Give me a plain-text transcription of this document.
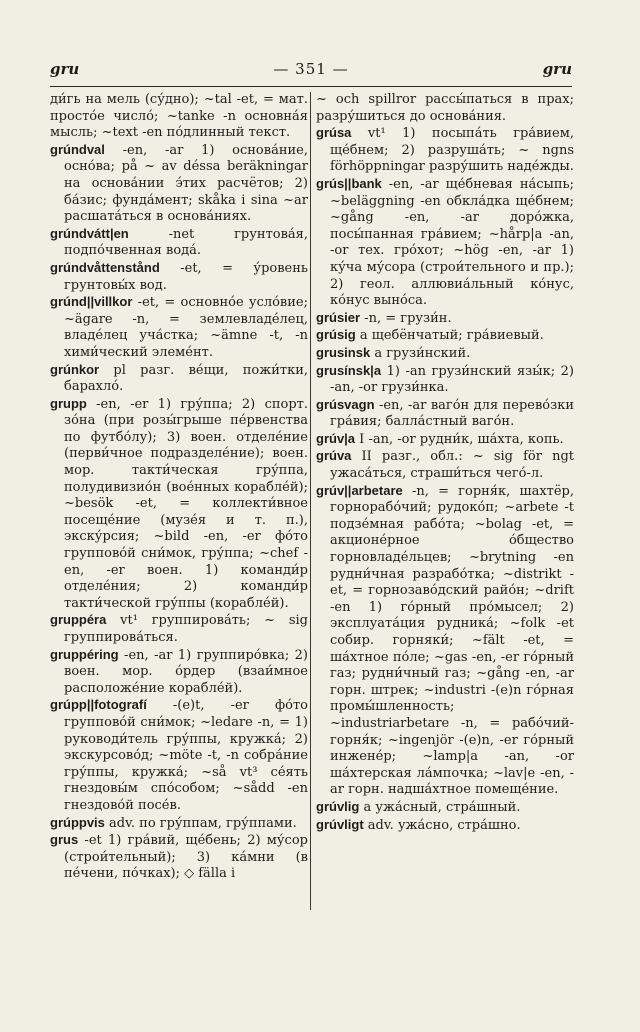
gru	— 351 —	gru

ди́гь на мель (су́дно); ~tal -et, = мат. просто́е число́; ~tanke -n основна́я мысль; ~text -en по́длинный текст.

grúndval -en, -ar 1) основа́ние, осно́ва; på ~ av déssa beräkningar на основа́нии э́тих расчётов; 2) ба́зис; фунда́мент; skåka i sina ~ar расшата́ться в основа́ниях.

grúndvátt|en -net грунтова́я, подпо́чвенная вода́.

grúndvåttenstånd -et, = у́ровень грунтовы́х вод.

grúnd||villkor -et, = основно́е усло́вие; ~ägare -n, = землевладе́лец, владе́лец уча́стка; ~ämne -t, -n хими́ческий элеме́нт.

grúnkor pl разг. ве́щи, пожи́тки, барахло́.

grupp -en, -er 1) гру́ппа; 2) спорт. зо́на (при розы́грыше пе́рвенства по футбо́лу); 3) воен. отделе́ние (перви́чное подразделе́ние); воен. мор. такти́ческая гру́ппа, полудивизио́н (вое́нных корабле́й); ~besök -et, = коллекти́вное посеще́ние (музе́я и т. п.), экску́рсия; ~bild -en, -er фо́то группово́й сни́мок, гру́ппа; ~chef -en, -er воен. 1) команди́р отделе́ния; 2) команди́р такти́ческой гру́ппы (корабле́й).

gruppéra vt¹ группирова́ть; ~ sig группирова́ться.

gruppéring -en, -ar 1) группиро́вка; 2) воен. мор. о́рдер (взаи́мное расположе́ние корабле́й).

grúpp||fotografí -(e)t, -er фо́то группово́й сни́мок; ~ledare -n, = 1) руководи́тель гру́ппы, кружка́; 2) экскурсово́д; ~möte -t, -n собра́ние гру́ппы, кружка́; ~så vt³ се́ять гнездовы́м спо́собом; ~sådd -en гнездово́й посе́в.

grúppvis adv. по гру́ппам, гру́ппами.

grus -et 1) гра́вий, ще́бень; 2) му́сор (строи́тельный); 3) ка́мни (в пе́чени, по́чках); ◇ fälla i

~ och spillror рассы́паться в прах; разру́шиться до основа́ния.

grúsa vt¹ 1) посыпа́ть гра́вием, ще́бнем; 2) разруша́ть; ~ ngns förhöppningar разру́шить наде́жды.

grús||bank -en, -ar ще́бневая на́сыпь; ~beläggning -en обкла́дка ще́бнем; ~gång -en, -ar доро́жка, посы́панная гра́вием; ~hårp|a -an, -or тех. гро́хот; ~hög -en, -ar 1) ку́ча му́сора (строи́тельного и пр.); 2) геол. аллювиа́льный ко́нус, ко́нус выно́са.

grúsier -n, = грузи́н.

grúsig a щебёнчатый; гра́виевый.

grusinsk a грузи́нский.

grusínsk|a 1) -an грузи́нский язы́к; 2) -an, -or грузи́нка.

grúsvagn -en, -ar ваго́н для перево́зки гра́вия; балла́стный ваго́н.

grúv|a I -an, -or рудни́к, ша́хта, копь.

grúva II разг., обл.: ~ sig för ngt ужаса́ться, страши́ться чего́-л.

grúv||arbetare -n, = горня́к, шахтёр, горнорабо́чий; рудоко́п; ~arbete -t подзе́мная рабо́та; ~bolag -et, = акционе́рное о́бщество горновладе́льцев; ~brytning -en рудни́чная разрабо́тка; ~distrikt -et, = горнозаво́дский райо́н; ~drift -en 1) го́рный про́мысел; 2) эксплуата́ция рудника́; ~folk -et собир. горняки́; ~fält -et, = ша́хтное по́ле; ~gas -en, -er го́рный газ; рудни́чный газ; ~gång -en, -ar горн. штрек; ~industri -(e)n го́рная промы́шленность; ~industriarbetare -n, = рабо́чий-горня́к; ~ingenjör -(e)n, -er го́рный инжене́р; ~lamp|a -an, -or ша́хтерская ла́мпочка; ~lav|e -en, -ar горн. надша́хтное помеще́ние.

grúvlig a ужа́сный, стра́шный.

grúvligt adv. ужа́сно, стра́шно.
